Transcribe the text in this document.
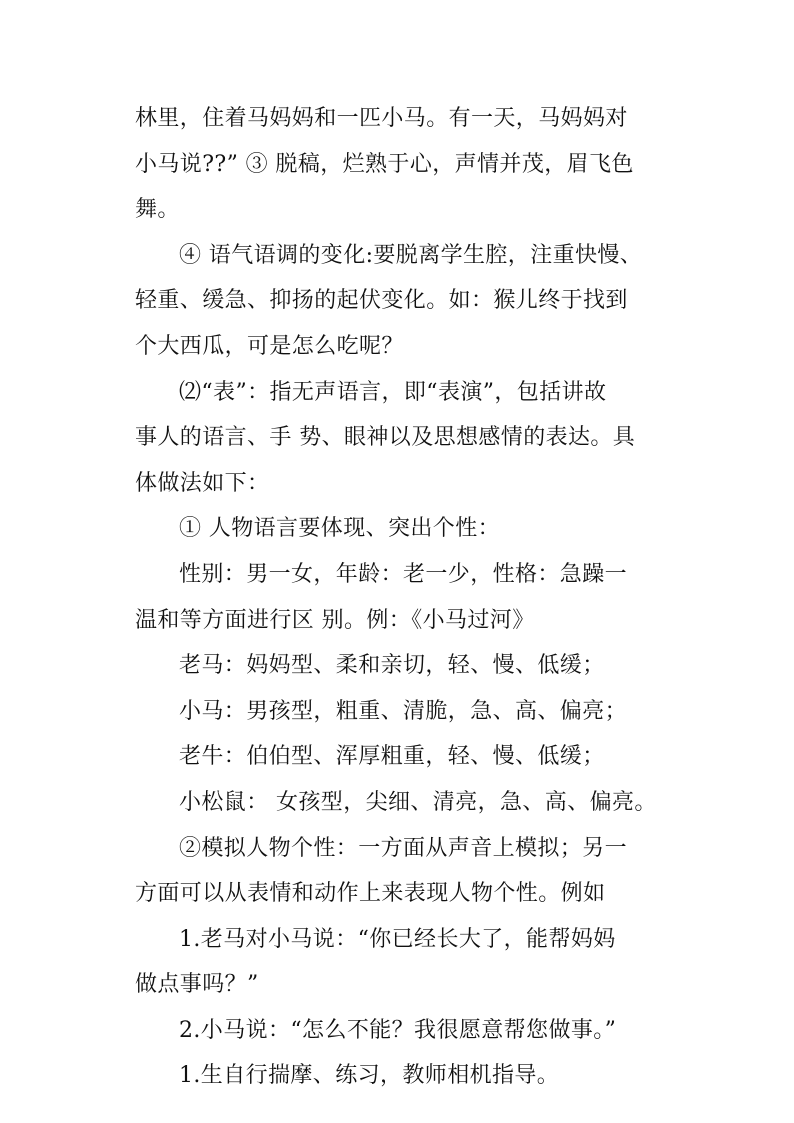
林里，住着马妈妈和一匹小马。有一天，马妈妈对
小马说??” ③ 脱稿，烂熟于心，声情并茂，眉飞色
舞。
④ 语气语调的变化:要脱离学生腔，注重快慢、
轻重、缓急、抑扬的起伏变化。如：猴儿终于找到
个大西瓜，可是怎么吃呢？
⑵“表”：指无声语言，即“表演”，包括讲故
事人的语言、手 势、眼神以及思想感情的表达。具
体做法如下：
① 人物语言要体现、突出个性：
性别：男一女，年龄：老一少，性格：急躁一
温和等方面进行区 别。例：《小马过河》
老马：妈妈型、柔和亲切，轻、慢、低缓；
小马：男孩型，粗重、清脆，急、高、偏亮；
老牛：伯伯型、浑厚粗重，轻、慢、低缓；
小松鼠： 女孩型，尖细、清亮，急、高、偏亮。
②模拟人物个性：一方面从声音上模拟；另一
方面可以从表情和动作上来表现人物个性。例如
1.老马对小马说：“你已经长大了，能帮妈妈
做点事吗？”
2.小马说：“怎么不能？我很愿意帮您做事。”
1.生自行揣摩、练习，教师相机指导。
